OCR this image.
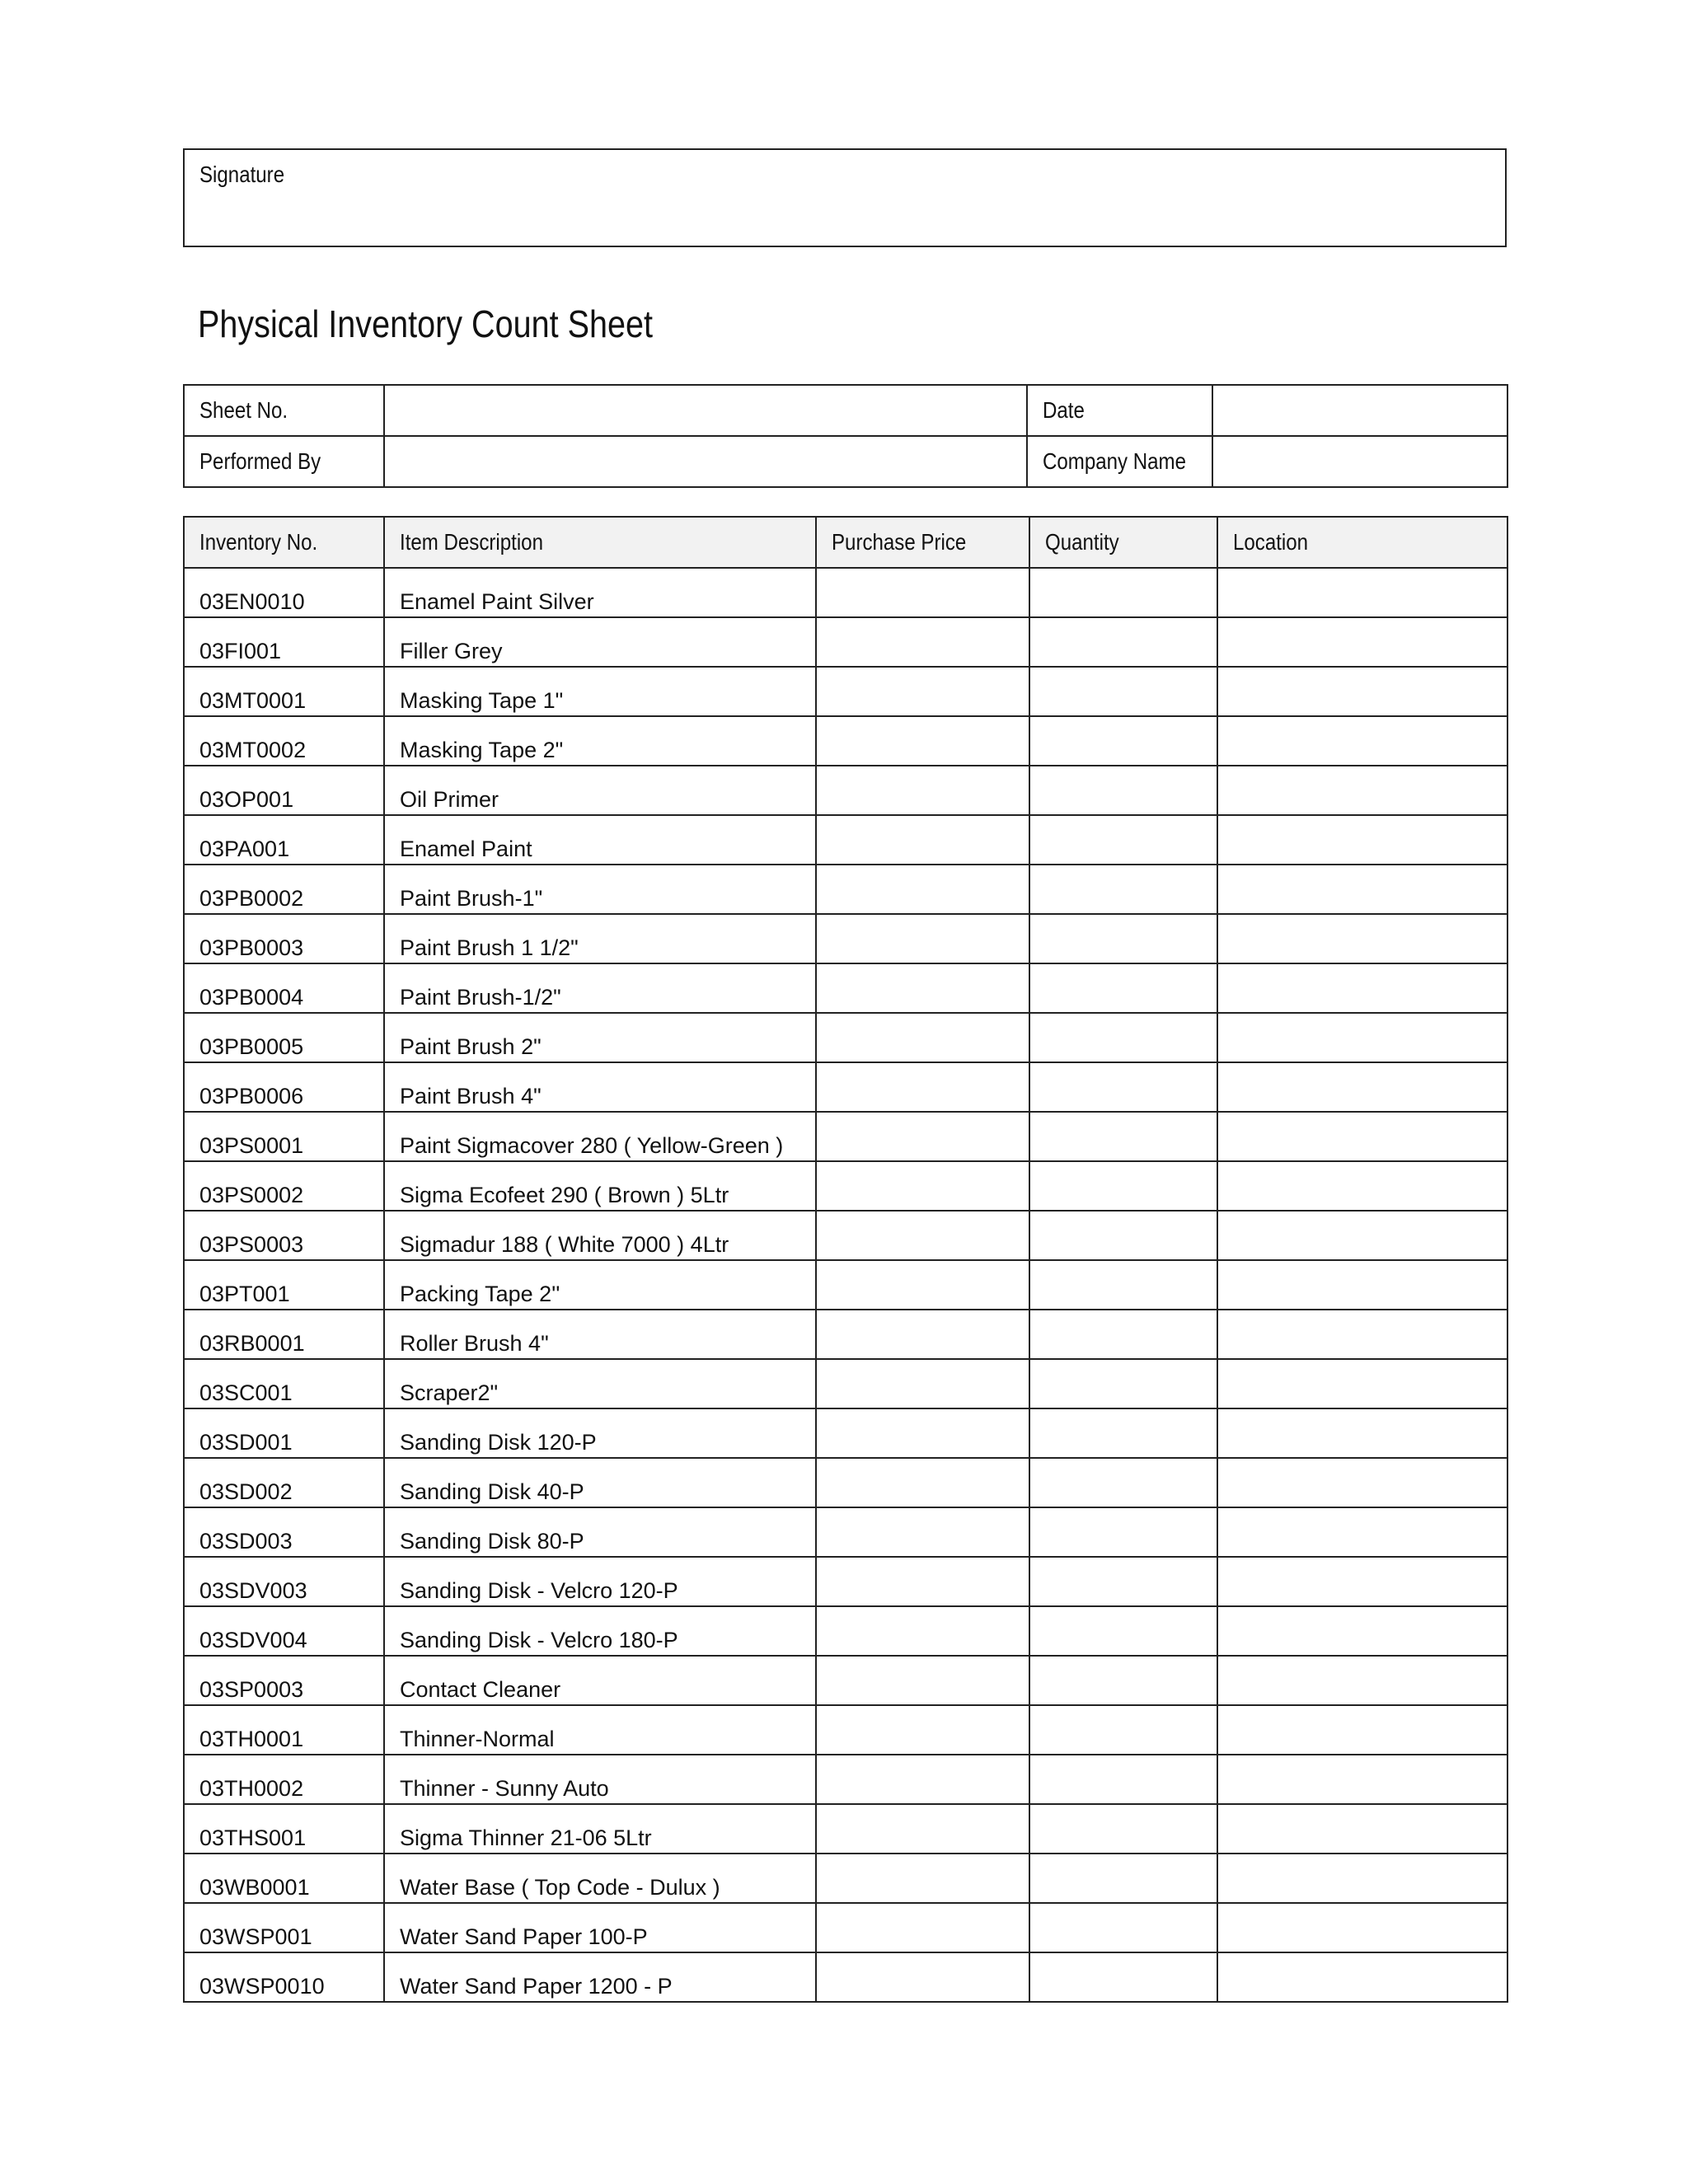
Signature
Physical Inventory Count Sheet
Sheet No.		Date	
Performed By		Company Name	
Inventory No.	Item Description	Purchase Price	Quantity	Location
03EN0010	Enamel Paint Silver			
03FI001	Filler Grey			
03MT0001	Masking Tape 1"			
03MT0002	Masking Tape 2"			
03OP001	Oil Primer			
03PA001	Enamel Paint			
03PB0002	Paint Brush-1"			
03PB0003	Paint Brush 1 1/2"			
03PB0004	Paint Brush-1/2"			
03PB0005	Paint Brush 2"			
03PB0006	Paint Brush 4"			
03PS0001	Paint Sigmacover 280 ( Yellow-Green )			
03PS0002	Sigma Ecofeet 290 ( Brown ) 5Ltr			
03PS0003	Sigmadur 188 ( White 7000 ) 4Ltr			
03PT001	Packing Tape 2''			
03RB0001	Roller Brush 4"			
03SC001	Scraper2"			
03SD001	Sanding Disk 120-P			
03SD002	Sanding Disk 40-P			
03SD003	Sanding Disk 80-P			
03SDV003	Sanding Disk - Velcro 120-P			
03SDV004	Sanding Disk - Velcro 180-P			
03SP0003	Contact Cleaner			
03TH0001	Thinner-Normal			
03TH0002	Thinner - Sunny Auto			
03THS001	Sigma Thinner 21-06 5Ltr			
03WB0001	Water Base ( Top Code - Dulux )			
03WSP001	Water Sand Paper 100-P			
03WSP0010	Water Sand Paper 1200 - P			
